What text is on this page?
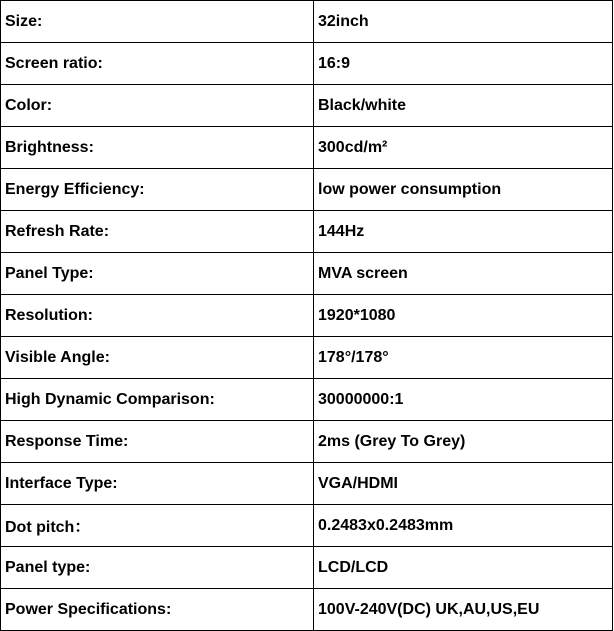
Size:	32inch
Screen ratio:	16:9
Color:	Black/white
Brightness:	300cd/m²
Energy Efficiency:	low power consumption
Refresh Rate:	144Hz
Panel Type:	MVA screen
Resolution:	1920*1080
Visible Angle:	178°/178°
High Dynamic Comparison:	30000000:1
Response Time:	2ms (Grey To Grey)
Interface Type:	VGA/HDMI
Dot pitch：	0.2483x0.2483mm
Panel type:	LCD/LCD
Power Specifications:	100V-240V(DC) UK,AU,US,EU
